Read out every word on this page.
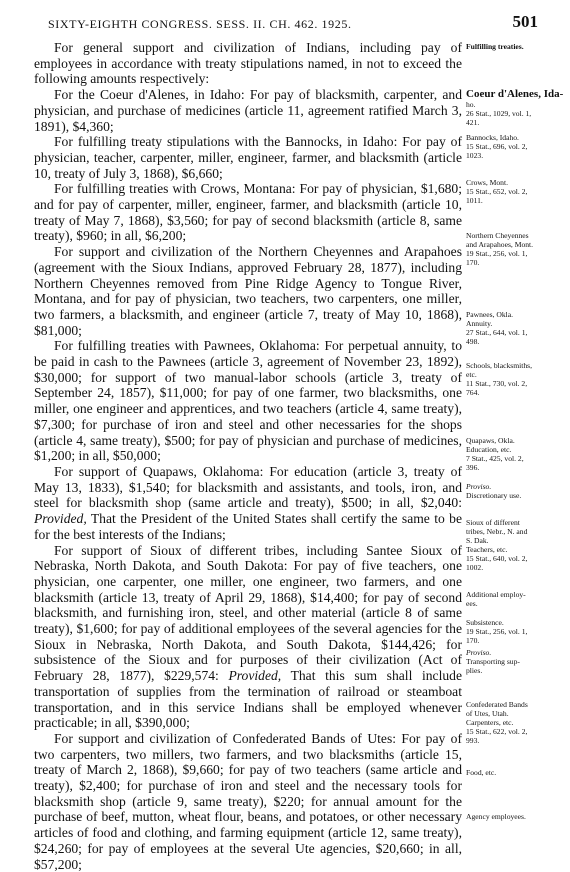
SIXTY-EIGHTH CONGRESS. SESS. II. CH. 462. 1925.	501

For general support and civilization of Indians, including pay of employees in accordance with treaty stipulations named, in not to exceed the following amounts respectively:

For the Coeur d'Alenes, in Idaho: For pay of blacksmith, carpenter, and physician, and purchase of medicines (article 11, agreement ratified March 3, 1891), $4,360;

For fulfilling treaty stipulations with the Bannocks, in Idaho: For pay of physician, teacher, carpenter, miller, engineer, farmer, and blacksmith (article 10, treaty of July 3, 1868), $6,660;

For fulfilling treaties with Crows, Montana: For pay of physician, $1,680; and for pay of carpenter, miller, engineer, farmer, and blacksmith (article 10, treaty of May 7, 1868), $3,560; for pay of second blacksmith (article 8, same treaty), $960; in all, $6,200;

For support and civilization of the Northern Cheyennes and Arapahoes (agreement with the Sioux Indians, approved February 28, 1877), including Northern Cheyennes removed from Pine Ridge Agency to Tongue River, Montana, and for pay of physician, two teachers, two carpenters, one miller, two farmers, a blacksmith, and engineer (article 7, treaty of May 10, 1868), $81,000;

For fulfilling treaties with Pawnees, Oklahoma: For perpetual annuity, to be paid in cash to the Pawnees (article 3, agreement of November 23, 1892), $30,000; for support of two manual-labor schools (article 3, treaty of September 24, 1857), $11,000; for pay of one farmer, two blacksmiths, one miller, one engineer and apprentices, and two teachers (article 4, same treaty), $7,300; for purchase of iron and steel and other necessaries for the shops (article 4, same treaty), $500; for pay of physician and purchase of medicines, $1,200; in all, $50,000;

For support of Quapaws, Oklahoma: For education (article 3, treaty of May 13, 1833), $1,540; for blacksmith and assistants, and tools, iron, and steel for blacksmith shop (same article and treaty), $500; in all, $2,040: Provided, That the President of the United States shall certify the same to be for the best interests of the Indians;

For support of Sioux of different tribes, including Santee Sioux of Nebraska, North Dakota, and South Dakota: For pay of five teachers, one physician, one carpenter, one miller, one engineer, two farmers, and one blacksmith (article 13, treaty of April 29, 1868), $14,400; for pay of second blacksmith, and furnishing iron, steel, and other material (article 8 of same treaty), $1,600; for pay of additional employees of the several agencies for the Sioux in Nebraska, North Dakota, and South Dakota, $144,426; for subsistence of the Sioux and for purposes of their civilization (Act of February 28, 1877), $229,574: Provided, That this sum shall include transportation of supplies from the termination of railroad or steamboat transportation, and in this service Indians shall be employed whenever practicable; in all, $390,000;

For support and civilization of Confederated Bands of Utes: For pay of two carpenters, two millers, two farmers, and two blacksmiths (article 15, treaty of March 2, 1868), $9,660; for pay of two teachers (same article and treaty), $2,400; for purchase of iron and steel and the necessary tools for blacksmith shop (article 9, same treaty), $220; for annual amount for the purchase of beef, mutton, wheat flour, beans, and potatoes, or other necessary articles of food and clothing, and farming equipment (article 12, same treaty), $24,260; for pay of employees at the several Ute agencies, $20,660; in all, $57,200;

Fulfilling treaties.
Coeur d'Alenes, Ida-
ho.
26 Stat., 1029, vol. 1,
421.
Bannocks, Idaho.
15 Stat., 696, vol. 2,
1023.
Crows, Mont.
15 Stat., 652, vol. 2,
1011.
Northern Cheyennes
and Arapahoes, Mont.
19 Stat., 256, vol. 1,
170.
Pawnees, Okla.
Annuity.
27 Stat., 644, vol. 1,
498.
Schools, blacksmiths,
etc.
11 Stat., 730, vol. 2,
764.
Quapaws, Okla.
Education, etc.
7 Stat., 425, vol. 2,
396.
Proviso.
Discretionary use.
Sioux of different
tribes, Nebr., N. and
S. Dak.
Teachers, etc.
15 Stat., 640, vol. 2,
1002.
Additional employ-
ees.
Subsistence.
19 Stat., 256, vol. 1,
170.
Proviso.
Transporting sup-
plies.
Confederated Bands
of Utes, Utah.
Carpenters, etc.
15 Stat., 622, vol. 2,
993.
Food, etc.
Agency employees.
